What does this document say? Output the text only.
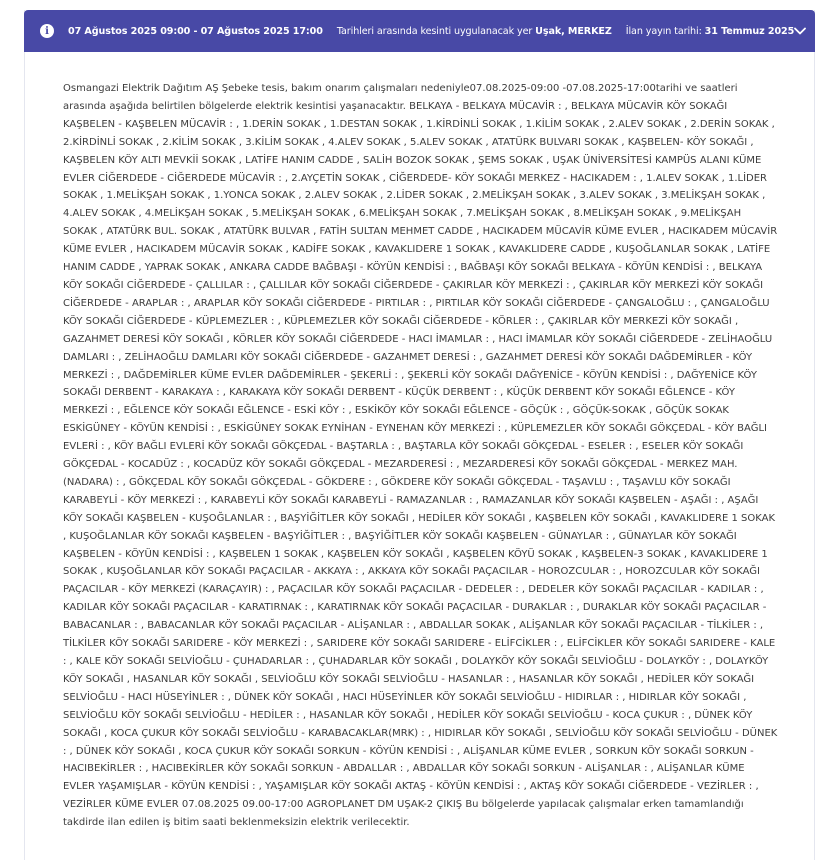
i	07 Ağustos 2025 09:00 - 07 Ağustos 2025 17:00 Tarihleri arasında kesinti uygulanacak yer Uşak, MERKEZ İlan yayın tarihi: 31 Temmuz 2025

Osmangazi Elektrik Dağıtım AŞ Şebeke tesis, bakım onarım çalışmaları nedeniyle07.08.2025-09:00 -07.08.2025-17:00tarihi ve saatleri arasında aşağıda belirtilen bölgelerde elektrik kesintisi yaşanacaktır. BELKAYA - BELKAYA MÜCAVİR : , BELKAYA MÜCAVİR KÖY SOKAĞI KAŞBELEN - KAŞBELEN MÜCAVİR : , 1.DERİN SOKAK , 1.DESTAN SOKAK , 1.KİRDİNLİ SOKAK , 1.KİLİM SOKAK , 2.ALEV SOKAK , 2.DERİN SOKAK , 2.KİRDİNLİ SOKAK , 2.KİLİM SOKAK , 3.KİLİM SOKAK , 4.ALEV SOKAK , 5.ALEV SOKAK , ATATÜRK BULVARI SOKAK , KAŞBELEN- KÖY SOKAĞI , KAŞBELEN KÖY ALTI MEVKİİ SOKAK , LATİFE HANIM CADDE , SALİH BOZOK SOKAK , ŞEMS SOKAK , UŞAK ÜNİVERSİTESİ KAMPÜS ALANI KÜME EVLER CİĞERDEDE - CİĞERDEDE MÜCAVİR : , 2.AYÇETİN SOKAK , CİĞERDEDE- KÖY SOKAĞI MERKEZ - HACIKADEM : , 1.ALEV SOKAK , 1.LİDER SOKAK , 1.MELİKŞAH SOKAK , 1.YONCA SOKAK , 2.ALEV SOKAK , 2.LİDER SOKAK , 2.MELİKŞAH SOKAK , 3.ALEV SOKAK , 3.MELİKŞAH SOKAK , 4.ALEV SOKAK , 4.MELİKŞAH SOKAK , 5.MELİKŞAH SOKAK , 6.MELİKŞAH SOKAK , 7.MELİKŞAH SOKAK , 8.MELİKŞAH SOKAK , 9.MELİKŞAH SOKAK , ATATÜRK BUL. SOKAK , ATATÜRK BULVAR , FATİH SULTAN MEHMET CADDE , HACIKADEM MÜCAVİR KÜME EVLER , HACIKADEM MÜCAVİR KÜME EVLER , HACIKADEM MÜCAVİR SOKAK , KADİFE SOKAK , KAVAKLIDERE 1 SOKAK , KAVAKLIDERE CADDE , KUŞOĞLANLAR SOKAK , LATİFE HANIM CADDE , YAPRAK SOKAK , ANKARA CADDE BAĞBAŞI - KÖYÜN KENDİSİ : , BAĞBAŞI KÖY SOKAĞI BELKAYA - KÖYÜN KENDİSİ : , BELKAYA KÖY SOKAĞI CİĞERDEDE - ÇALLILAR : , ÇALLILAR KÖY SOKAĞI CİĞERDEDE - ÇAKIRLAR KÖY MERKEZİ : , ÇAKIRLAR KÖY MERKEZİ KÖY SOKAĞI CİĞERDEDE - ARAPLAR : , ARAPLAR KÖY SOKAĞI CİĞERDEDE - PIRTILAR : , PIRTILAR KÖY SOKAĞI CİĞERDEDE - ÇANGALOĞLU : , ÇANGALOĞLU KÖY SOKAĞI CİĞERDEDE - KÜPLEMEZLER : , KÜPLEMEZLER KÖY SOKAĞI CİĞERDEDE - KÖRLER : , ÇAKIRLAR KÖY MERKEZİ KÖY SOKAĞI , GAZAHMET DERESİ KÖY SOKAĞI , KÖRLER KÖY SOKAĞI CİĞERDEDE - HACI İMAMLAR : , HACI İMAMLAR KÖY SOKAĞI CİĞERDEDE - ZELİHAOĞLU DAMLARI : , ZELİHAOĞLU DAMLARI KÖY SOKAĞI CİĞERDEDE - GAZAHMET DERESİ : , GAZAHMET DERESİ KÖY SOKAĞI DAĞDEMİRLER - KÖY MERKEZİ : , DAĞDEMİRLER KÜME EVLER DAĞDEMİRLER - ŞEKERLİ : , ŞEKERLİ KÖY SOKAĞI DAĞYENİCE - KÖYÜN KENDİSİ : , DAĞYENİCE KÖY SOKAĞI DERBENT - KARAKAYA : , KARAKAYA KÖY SOKAĞI DERBENT - KÜÇÜK DERBENT : , KÜÇÜK DERBENT KÖY SOKAĞI EĞLENCE - KÖY MERKEZİ : , EĞLENCE KÖY SOKAĞI EĞLENCE - ESKİ KÖY : , ESKİKÖY KÖY SOKAĞI EĞLENCE - GÖÇÜK : , GÖÇÜK-SOKAK , GÖÇÜK SOKAK ESKİGÜNEY - KÖYÜN KENDİSİ : , ESKİGÜNEY SOKAK EYNİHAN - EYNEHAN KÖY MERKEZİ : , KÜPLEMEZLER KÖY SOKAĞI GÖKÇEDAL - KÖY BAĞLI EVLERİ : , KÖY BAĞLI EVLERİ KÖY SOKAĞI GÖKÇEDAL - BAŞTARLA : , BAŞTARLA KÖY SOKAĞI GÖKÇEDAL - ESELER : , ESELER KÖY SOKAĞI GÖKÇEDAL - KOCADÜZ : , KOCADÜZ KÖY SOKAĞI GÖKÇEDAL - MEZARDERESİ : , MEZARDERESİ KÖY SOKAĞI GÖKÇEDAL - MERKEZ MAH. (NADARA) : , GÖKÇEDAL KÖY SOKAĞI GÖKÇEDAL - GÖKDERE : , GÖKDERE KÖY SOKAĞI GÖKÇEDAL - TAŞAVLU : , TAŞAVLU KÖY SOKAĞI KARABEYLİ - KÖY MERKEZİ : , KARABEYLİ KÖY SOKAĞI KARABEYLİ - RAMAZANLAR : , RAMAZANLAR KÖY SOKAĞI KAŞBELEN - AŞAĞI : , AŞAĞI KÖY SOKAĞI KAŞBELEN - KUŞOĞLANLAR : , BAŞYİĞİTLER KÖY SOKAĞI , HEDİLER KÖY SOKAĞI , KAŞBELEN KÖY SOKAĞI , KAVAKLIDERE 1 SOKAK , KUŞOĞLANLAR KÖY SOKAĞI KAŞBELEN - BAŞYİĞİTLER : , BAŞYİĞİTLER KÖY SOKAĞI KAŞBELEN - GÜNAYLAR : , GÜNAYLAR KÖY SOKAĞI KAŞBELEN - KÖYÜN KENDİSİ : , KAŞBELEN 1 SOKAK , KAŞBELEN KÖY SOKAĞI , KAŞBELEN KÖYÜ SOKAK , KAŞBELEN-3 SOKAK , KAVAKLIDERE 1 SOKAK , KUŞOĞLANLAR KÖY SOKAĞI PAÇACILAR - AKKAYA : , AKKAYA KÖY SOKAĞI PAÇACILAR - HOROZCULAR : , HOROZCULAR KÖY SOKAĞI PAÇACILAR - KÖY MERKEZİ (KARAÇAYIR) : , PAÇACILAR KÖY SOKAĞI PAÇACILAR - DEDELER : , DEDELER KÖY SOKAĞI PAÇACILAR - KADILAR : , KADILAR KÖY SOKAĞI PAÇACILAR - KARATIRNAK : , KARATIRNAK KÖY SOKAĞI PAÇACILAR - DURAKLAR : , DURAKLAR KÖY SOKAĞI PAÇACILAR - BABACANLAR : , BABACANLAR KÖY SOKAĞI PAÇACILAR - ALİŞANLAR : , ABDALLAR SOKAK , ALİŞANLAR KÖY SOKAĞI PAÇACILAR - TİLKİLER : , TİLKİLER KÖY SOKAĞI SARIDERE - KÖY MERKEZİ : , SARIDERE KÖY SOKAĞI SARIDERE - ELİFCİKLER : , ELİFCİKLER KÖY SOKAĞI SARIDERE - KALE : , KALE KÖY SOKAĞI SELVİOĞLU - ÇUHADARLAR : , ÇUHADARLAR KÖY SOKAĞI , DOLAYKÖY KÖY SOKAĞI SELVİOĞLU - DOLAYKÖY : , DOLAYKÖY KÖY SOKAĞI , HASANLAR KÖY SOKAĞI , SELVİOĞLU KÖY SOKAĞI SELVİOĞLU - HASANLAR : , HASANLAR KÖY SOKAĞI , HEDİLER KÖY SOKAĞI SELVİOĞLU - HACI HÜSEYİNLER : , DÜNEK KÖY SOKAĞI , HACI HÜSEYİNLER KÖY SOKAĞI SELVİOĞLU - HIDIRLAR : , HIDIRLAR KÖY SOKAĞI , SELVİOĞLU KÖY SOKAĞI SELVİOĞLU - HEDİLER : , HASANLAR KÖY SOKAĞI , HEDİLER KÖY SOKAĞI SELVİOĞLU - KOCA ÇUKUR : , DÜNEK KÖY SOKAĞI , KOCA ÇUKUR KÖY SOKAĞI SELVİOĞLU - KARABACAKLAR(MRK) : , HIDIRLAR KÖY SOKAĞI , SELVİOĞLU KÖY SOKAĞI SELVİOĞLU - DÜNEK : , DÜNEK KÖY SOKAĞI , KOCA ÇUKUR KÖY SOKAĞI SORKUN - KÖYÜN KENDİSİ : , ALİŞANLAR KÜME EVLER , SORKUN KÖY SOKAĞI SORKUN - HACIBEKİRLER : , HACIBEKİRLER KÖY SOKAĞI SORKUN - ABDALLAR : , ABDALLAR KÖY SOKAĞI SORKUN - ALİŞANLAR : , ALİŞANLAR KÜME EVLER YAŞAMIŞLAR - KÖYÜN KENDİSİ : , YAŞAMIŞLAR KÖY SOKAĞI AKTAŞ - KÖYÜN KENDİSİ : , AKTAŞ KÖY SOKAĞI CİĞERDEDE - VEZİRLER : , VEZİRLER KÜME EVLER 07.08.2025 09.00-17:00 AGROPLANET DM UŞAK-2 ÇIKIŞ Bu bölgelerde yapılacak çalışmalar erken tamamlandığı takdirde ilan edilen iş bitim saati beklenmeksizin elektrik verilecektir.
